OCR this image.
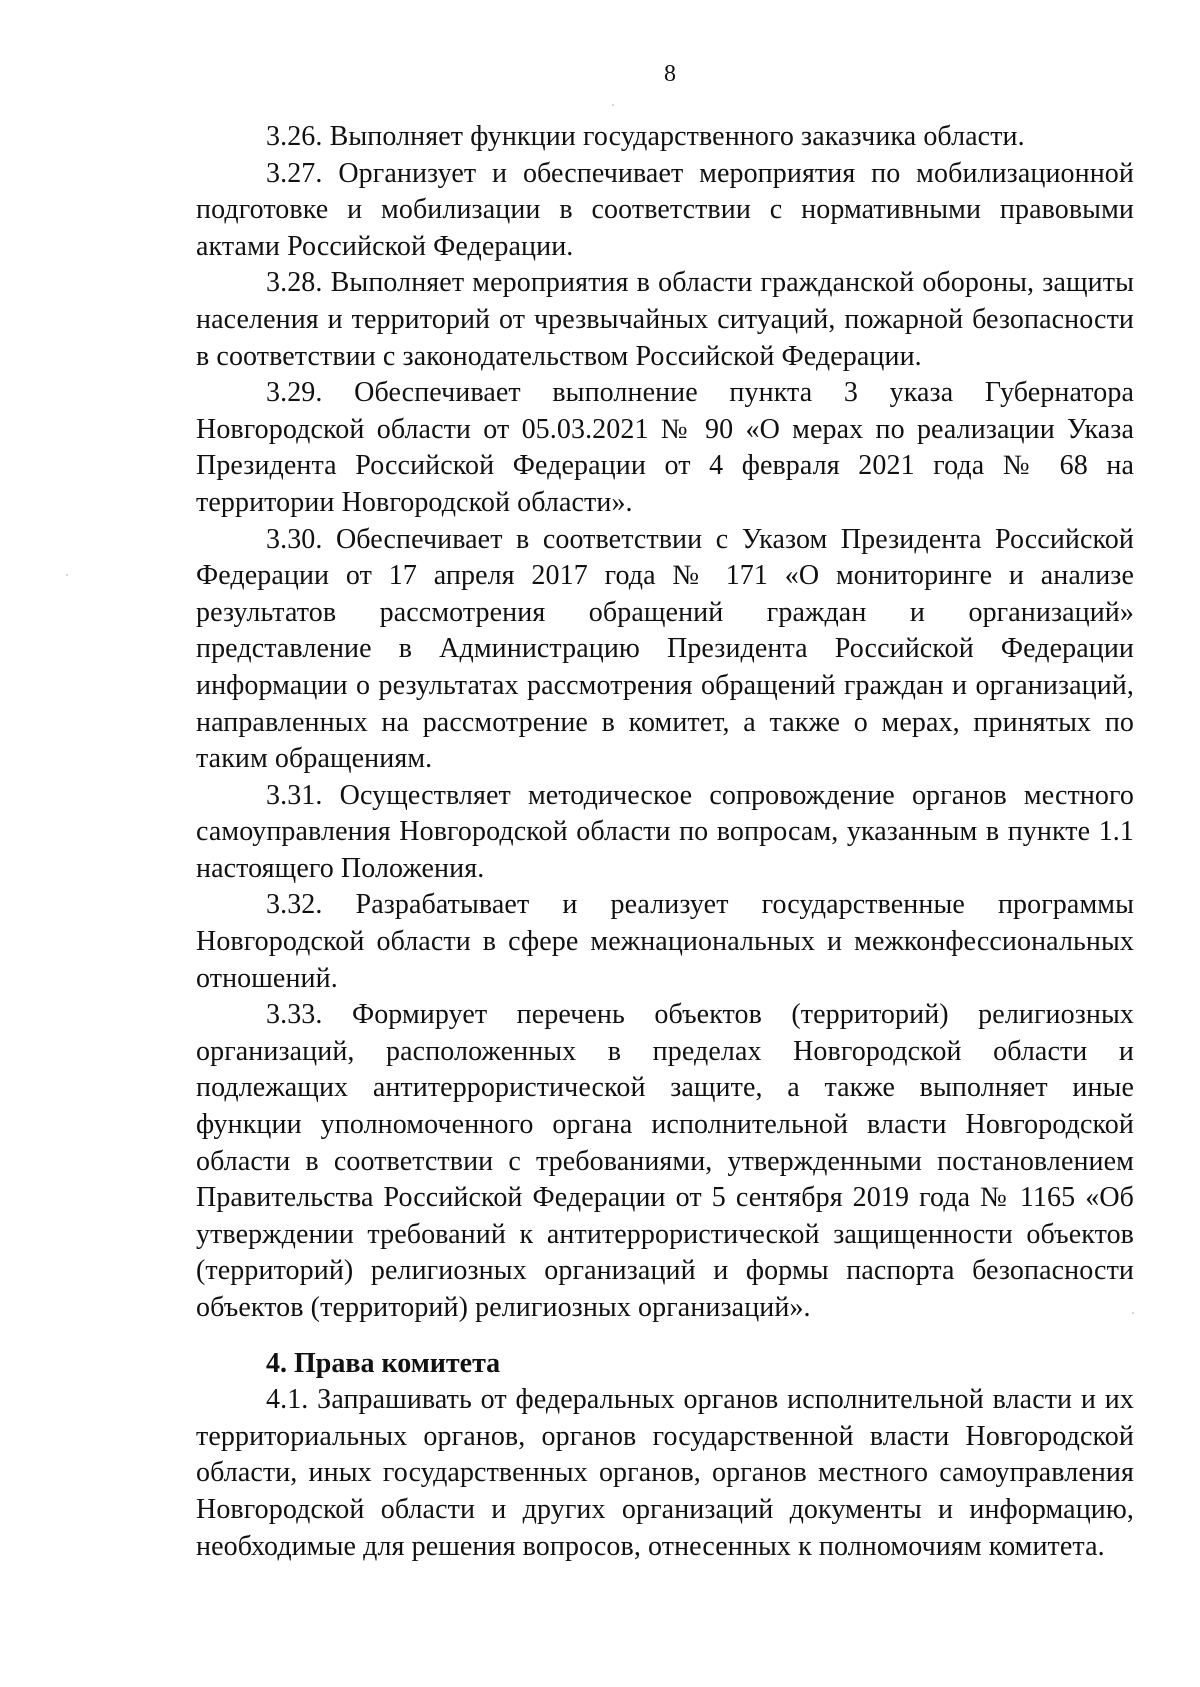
8

3.26. Выполняет функции государственного заказчика области.

3.27. Организует и обеспечивает мероприятия по мобилизационной подготовке и мобилизации в соответствии с нормативными правовыми актами Российской Федерации.

3.28. Выполняет мероприятия в области гражданской обороны, защиты населения и территорий от чрезвычайных ситуаций, пожарной безопасности в соответствии с законодательством Российской Федерации.

3.29. Обеспечивает выполнение пункта 3 указа Губернатора Новгородской области от 05.03.2021 № 90 «О мерах по реализации Указа Президента Российской Федерации от 4 февраля 2021 года № 68 на территории Новгородской области».

3.30. Обеспечивает в соответствии с Указом Президента Российской Федерации от 17 апреля 2017 года № 171 «О мониторинге и анализе результатов рассмотрения обращений граждан и организаций» представление в Администрацию Президента Российской Федерации информации о результатах рассмотрения обращений граждан и организаций, направленных на рассмотрение в комитет, а также о мерах, принятых по таким обращениям.

3.31. Осуществляет методическое сопровождение органов местного самоуправления Новгородской области по вопросам, указанным в пункте 1.1 настоящего Положения.

3.32. Разрабатывает и реализует государственные программы Новгородской области в сфере межнациональных и межконфессиональных отношений.

3.33. Формирует перечень объектов (территорий) религиозных организаций, расположенных в пределах Новгородской области и подлежащих антитеррористической защите, а также выполняет иные функции уполномоченного органа исполнительной власти Новгородской области в соответствии с требованиями, утвержденными постановлением Правительства Российской Федерации от 5 сентября 2019 года № 1165 «Об утверждении требований к антитеррористической защищенности объектов (территорий) религиозных организаций и формы паспорта безопасности объектов (территорий) религиозных организаций».

4. Права комитета

4.1. Запрашивать от федеральных органов исполнительной власти и их территориальных органов, органов государственной власти Новгородской области, иных государственных органов, органов местного самоуправления Новгородской области и других организаций документы и информацию, необходимые для решения вопросов, отнесенных к полномочиям комитета.
